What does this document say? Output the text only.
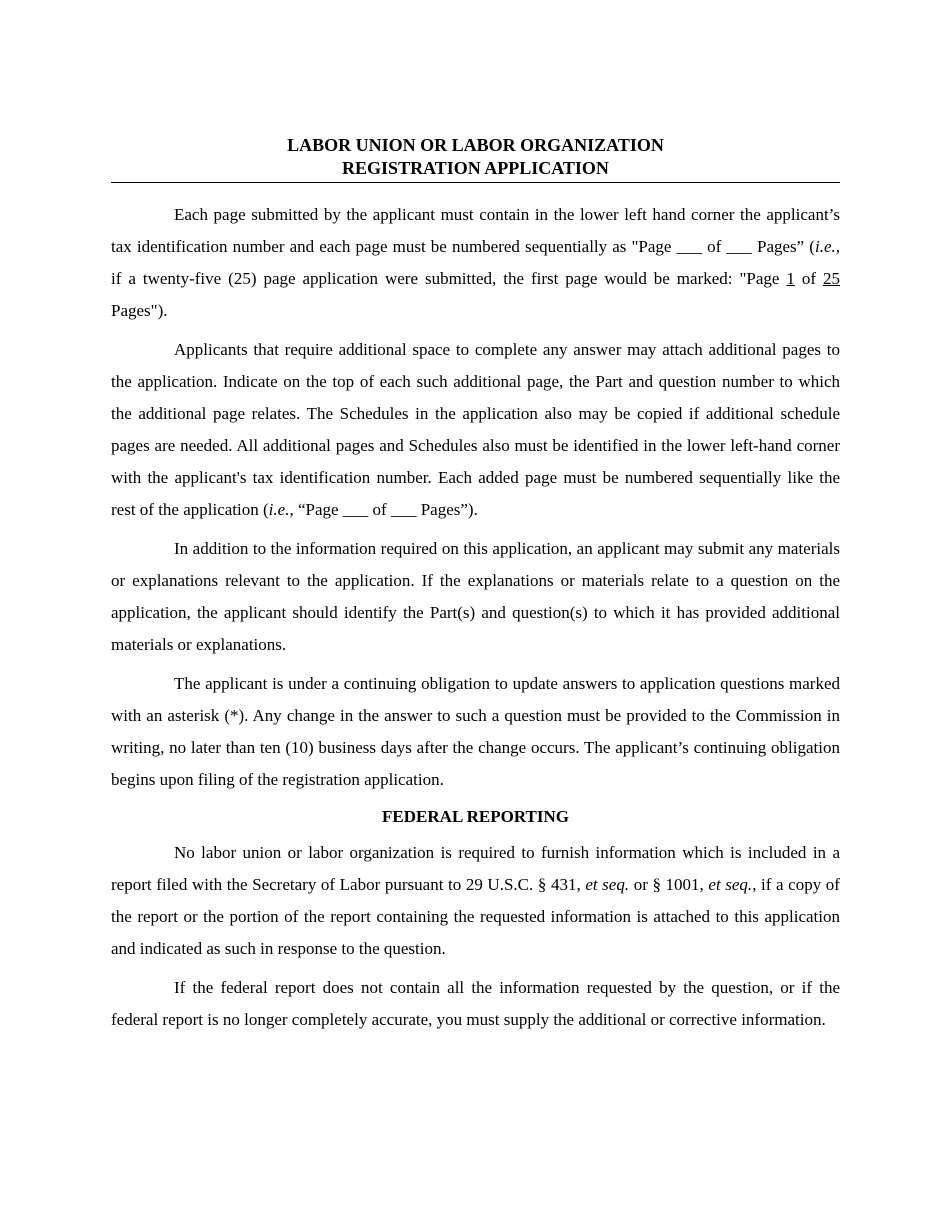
LABOR UNION OR LABOR ORGANIZATION
REGISTRATION APPLICATION

Each page submitted by the applicant must contain in the lower left hand corner the applicant’s tax identification number and each page must be numbered sequentially as "Page ___ of ___ Pages” (i.e., if a twenty-five (25) page application were submitted, the first page would be marked: "Page 1 of 25 Pages").

Applicants that require additional space to complete any answer may attach additional pages to the application. Indicate on the top of each such additional page, the Part and question number to which the additional page relates. The Schedules in the application also may be copied if additional schedule pages are needed. All additional pages and Schedules also must be identified in the lower left-hand corner with the applicant's tax identification number. Each added page must be numbered sequentially like the rest of the application (i.e., “Page ___ of ___ Pages”).

In addition to the information required on this application, an applicant may submit any materials or explanations relevant to the application. If the explanations or materials relate to a question on the application, the applicant should identify the Part(s) and question(s) to which it has provided additional materials or explanations.

The applicant is under a continuing obligation to update answers to application questions marked with an asterisk (*). Any change in the answer to such a question must be provided to the Commission in writing, no later than ten (10) business days after the change occurs. The applicant’s continuing obligation begins upon filing of the registration application.

FEDERAL REPORTING

No labor union or labor organization is required to furnish information which is included in a report filed with the Secretary of Labor pursuant to 29 U.S.C. § 431, et seq. or § 1001, et seq., if a copy of the report or the portion of the report containing the requested information is attached to this application and indicated as such in response to the question.

If the federal report does not contain all the information requested by the question, or if the federal report is no longer completely accurate, you must supply the additional or corrective information.
